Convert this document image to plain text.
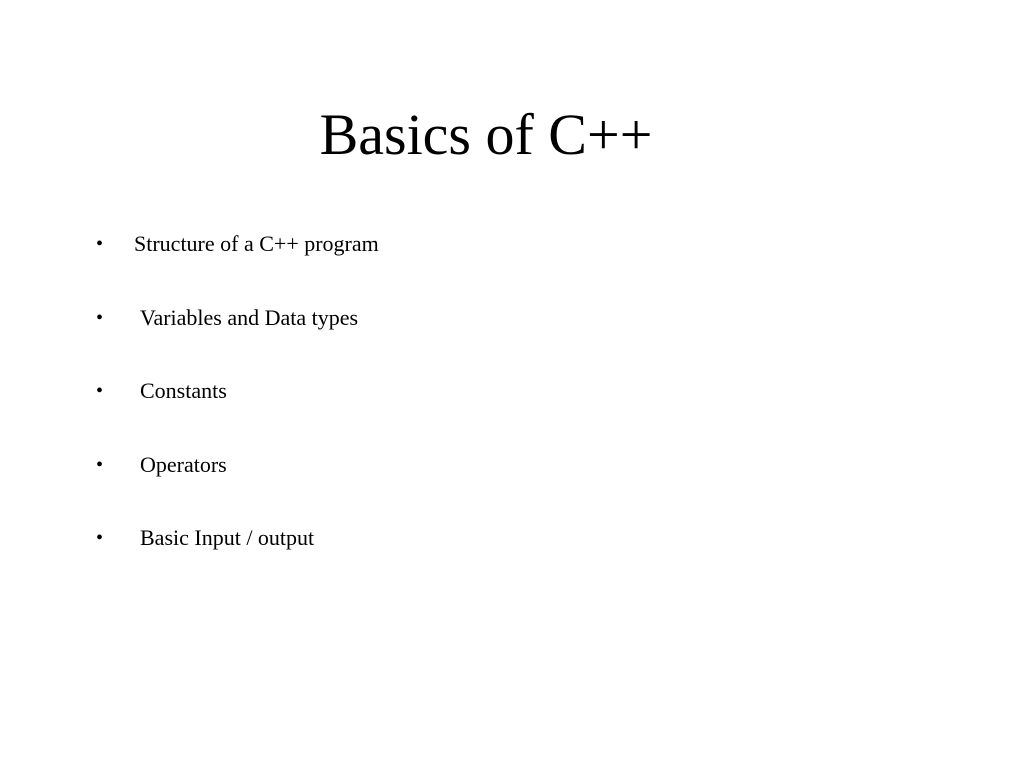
Basics of C++

•

Structure of a C++ program

•

Variables and Data types

•

Constants

•

Operators

•

Basic Input / output
